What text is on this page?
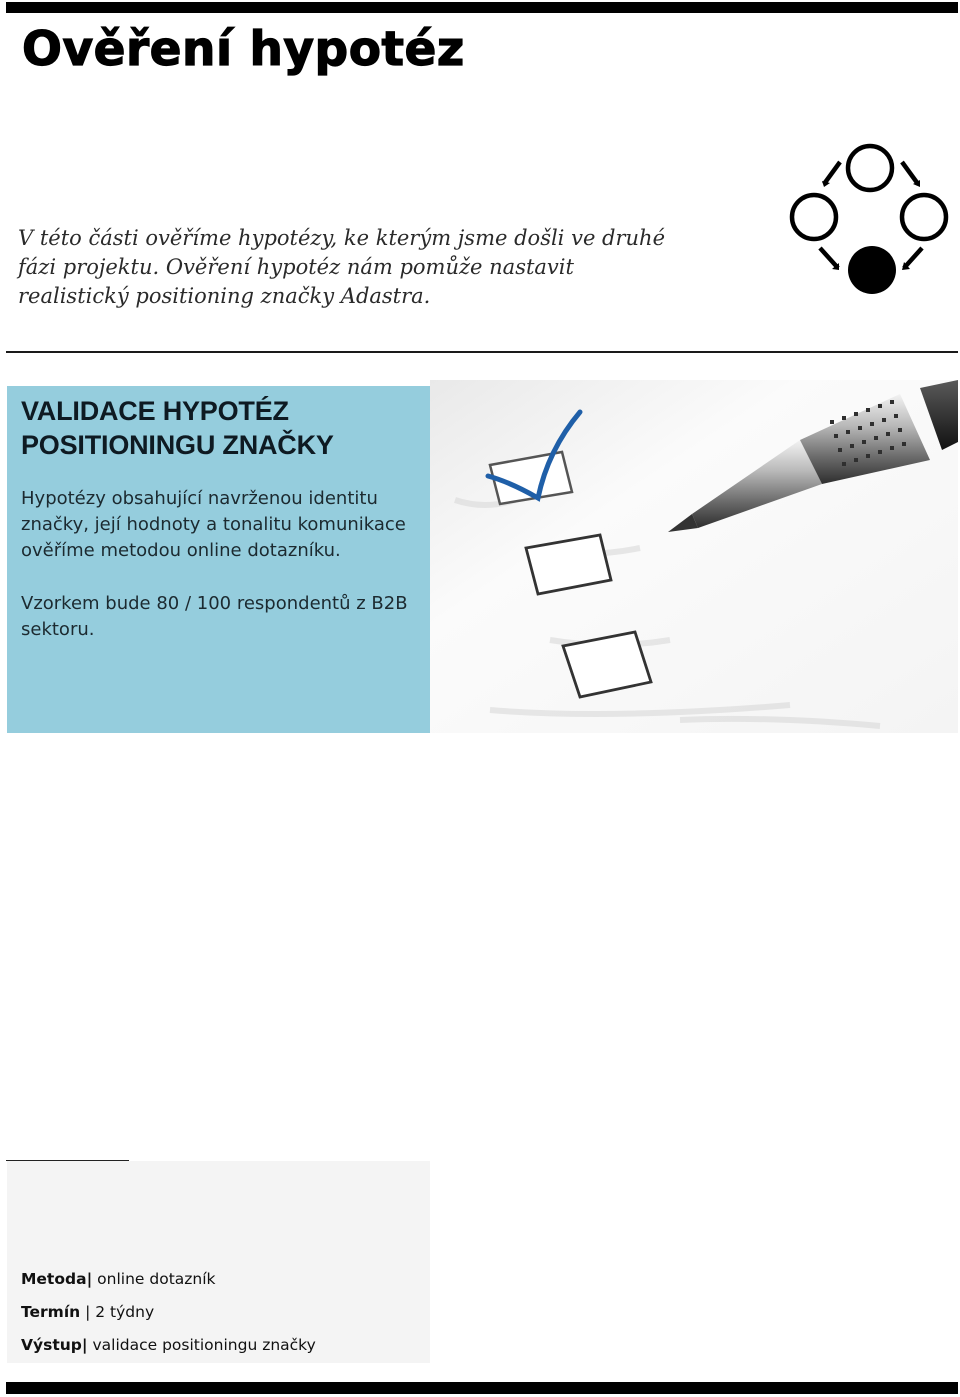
Ověření hypotéz

V této části ověříme hypotézy, ke kterým jsme došli ve druhé fázi projektu. Ověření hypotéz nám pomůže nastavit realistický positioning značky Adastra.

VALIDACE HYPOTÉZ POSITIONINGU ZNAČKY

Hypotézy obsahující navrženou identitu značky, její hodnoty a tonalitu komunikace ověříme metodou online dotazníku.

Vzorkem bude 80 / 100 respondentů z B2B sektoru.

Metoda| online dotazník

Termín | 2 týdny

Výstup| validace positioningu značky
